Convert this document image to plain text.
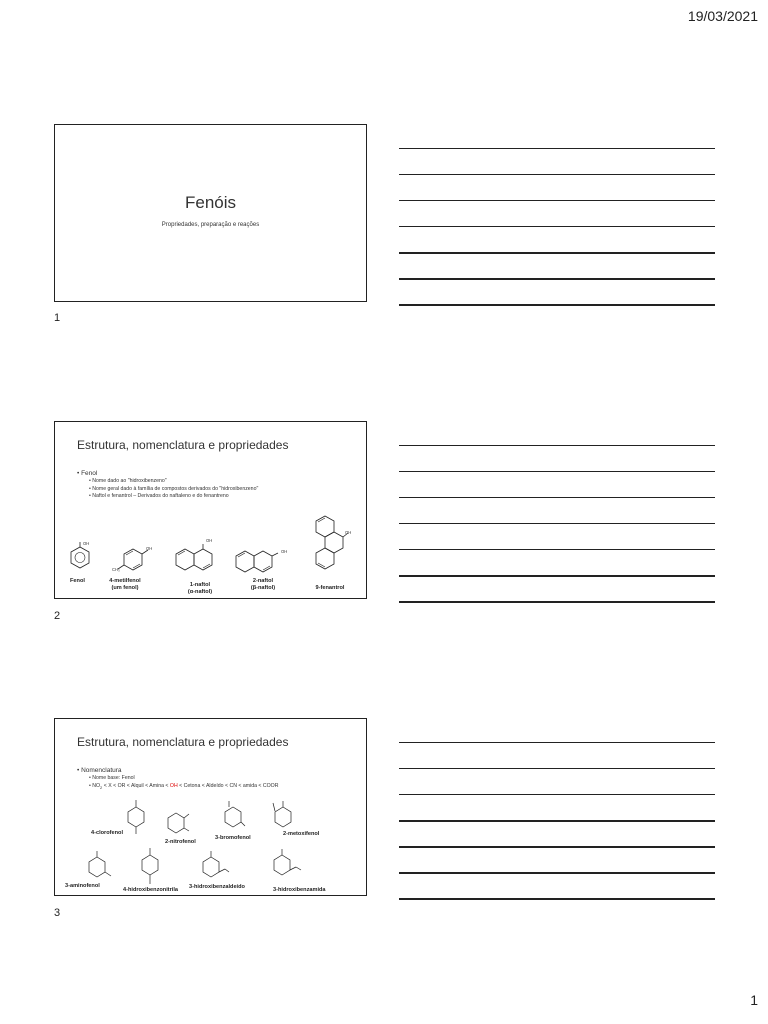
19/03/2021
Fenóis
Propriedades, preparação e reações
1
Estrutura, nomenclatura e propriedades
• Fenol
• Nome dado ao "hidroxibenzeno"
• Nome geral dado à família de compostos derivados do "hidroxibenzeno"
• Naftol e fenantrol – Derivados do naftaleno e do fenantreno
OH
Fenol
OH
CH₃
4-metilfenol
(um fenol)
OH
1-naftol
(α-naftol)
OH
2-naftol
(β-naftol)
OH
9-fenantrol
2
Estrutura, nomenclatura e propriedades
• Nomenclatura
• Nome base: Fenol
• $NO_2 < X$ < OR < Alquil < Amina < OH < Cetona < Aldeído < CN < amida < COOR
4-clorofenol
2-nitrofenol
3-bromofenol
2-metoxifenol
3-aminofenol
4-hidroxibenzonitrila 3-hidroxibenzaldeído	3-hidroxibenzamida
3
1
